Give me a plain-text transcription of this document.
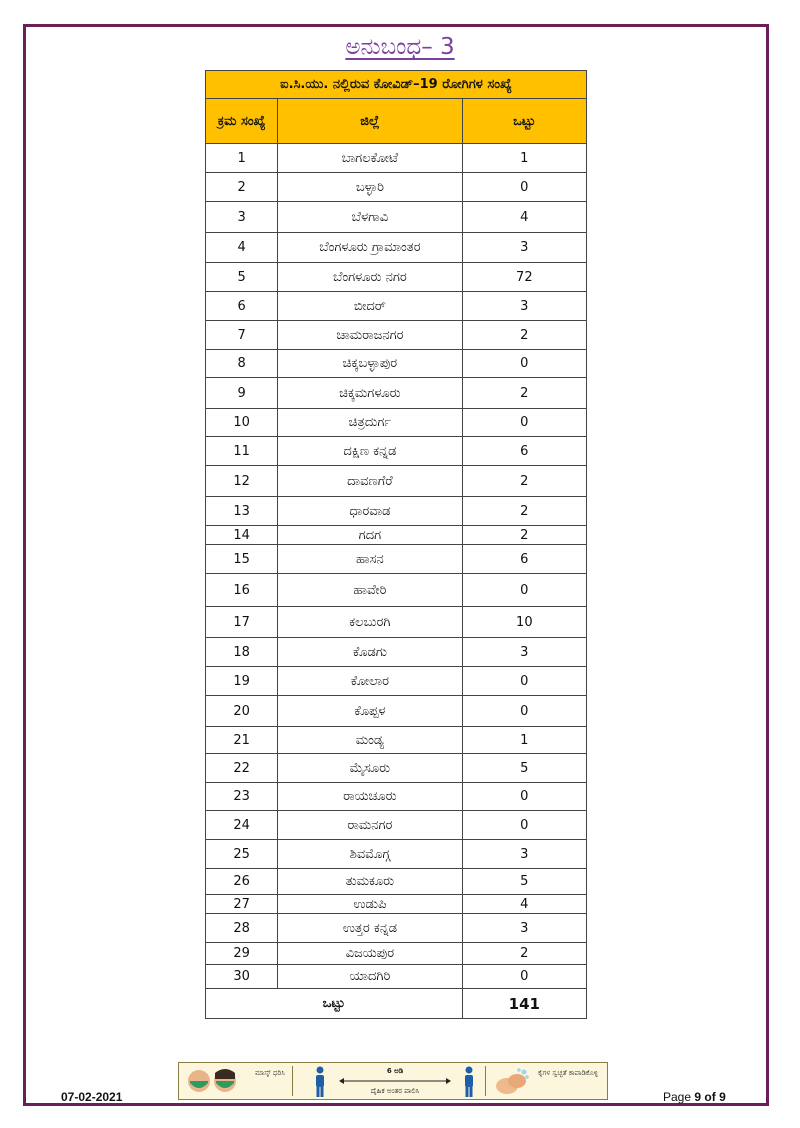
ಅನುಬಂಧ– 3
ಐ.ಸಿ.ಯು. ನಲ್ಲಿರುವ ಕೋವಿಡ್–19 ರೋಗಿಗಳ ಸಂಖ್ಯೆ		
ಕ್ರಮ ಸಂಖ್ಯೆ	ಜಿಲ್ಲೆ	ಒಟ್ಟು
1	ಬಾಗಲಕೋಟೆ	1
2	ಬಳ್ಳಾರಿ	0
3	ಬೆಳಗಾವಿ	4
4	ಬೆಂಗಳೂರು ಗ್ರಾಮಾಂತರ	3
5	ಬೆಂಗಳೂರು ನಗರ	72
6	ಬೀದರ್	3
7	ಚಾಮರಾಜನಗರ	2
8	ಚಿಕ್ಕಬಳ್ಳಾಪುರ	0
9	ಚಿಕ್ಕಮಗಳೂರು	2
10	ಚಿತ್ರದುರ್ಗ	0
11	ದಕ್ಷಿಣ ಕನ್ನಡ	6
12	ದಾವಣಗೆರೆ	2
13	ಧಾರವಾಡ	2
14	ಗದಗ	2
15	ಹಾಸನ	6
16	ಹಾವೇರಿ	0
17	ಕಲಬುರಗಿ	10
18	ಕೊಡಗು	3
19	ಕೋಲಾರ	0
20	ಕೊಪ್ಪಳ	0
21	ಮಂಡ್ಯ	1
22	ಮೈಸೂರು	5
23	ರಾಯಚೂರು	0
24	ರಾಮನಗರ	0
25	ಶಿವಮೊಗ್ಗ	3
26	ತುಮಕೂರು	5
27	ಉಡುಪಿ	4
28	ಉತ್ತರ ಕನ್ನಡ	3
29	ವಿಜಯಪುರ	2
30	ಯಾದಗಿರಿ	0
ಒಟ್ಟು		141
ಮಾಸ್ಕ್ ಧರಿಸಿ	6 ಅಡಿ
ದೈಹಿಕ ಅಂತರ ಪಾಲಿಸಿ
ಕೈಗಳ ಸ್ವಚ್ಛತೆ ಕಾಪಾಡಿಕೊಳ್ಳಿ
07-02-2021	Page 9 of 9
